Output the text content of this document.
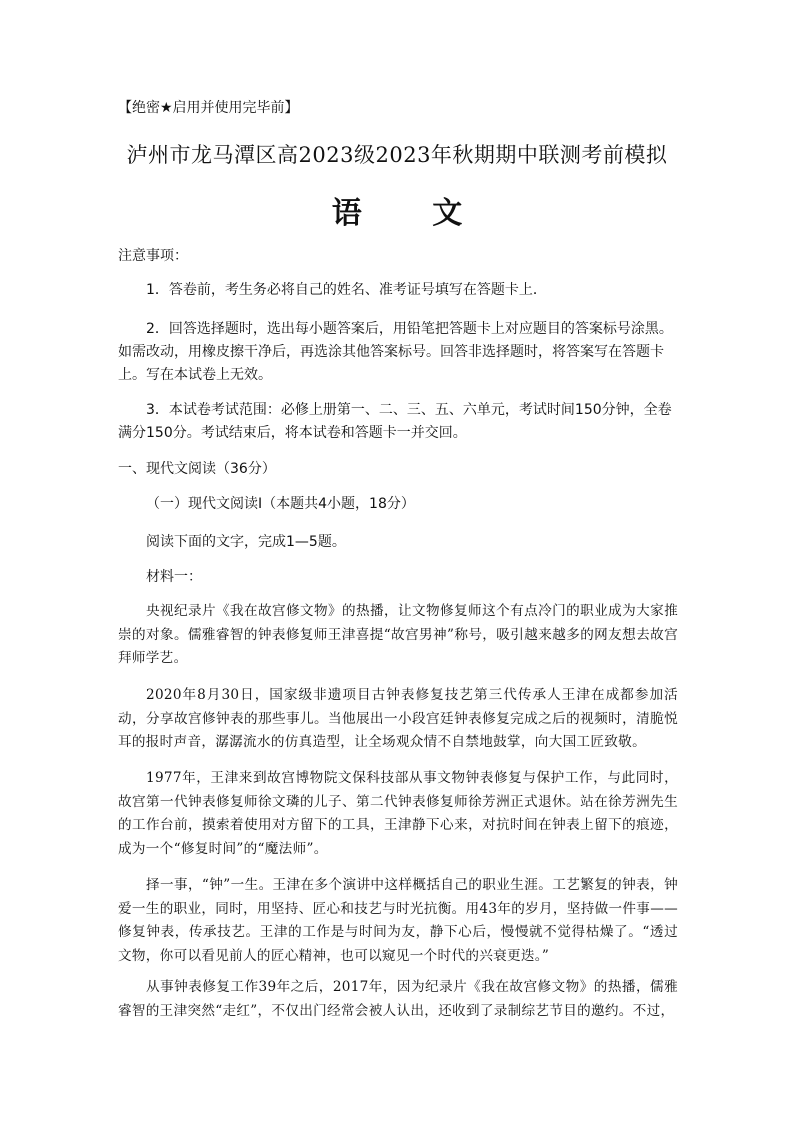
【绝密★启用并使用完毕前】
泸州市龙马潭区高2023级2023年秋期期中联测考前模拟
语 文
注意事项：
1．答卷前，考生务必将自己的姓名、准考证号填写在答题卡上．
2．回答选择题时，选出每小题答案后，用铅笔把答题卡上对应题目的答案标号涂黑。如需改动，用橡皮擦干净后，再选涂其他答案标号。回答非选择题时，将答案写在答题卡上。写在本试卷上无效。
3．本试卷考试范围：必修上册第一、二、三、五、六单元，考试时间150分钟，全卷满分150分。考试结束后，将本试卷和答题卡一并交回。
一、现代文阅读（36分）
（一）现代文阅读Ⅰ（本题共4小题，18分）
阅读下面的文字，完成1—5题。
材料一：

央视纪录片《我在故宫修文物》的热播，让文物修复师这个有点冷门的职业成为大家推崇的对象。儒雅睿智的钟表修复师王津喜提“故宫男神”称号，吸引越来越多的网友想去故宫拜师学艺。

2020年8月30日，国家级非遗项目古钟表修复技艺第三代传承人王津在成都参加活动，分享故宫修钟表的那些事儿。当他展出一小段宫廷钟表修复完成之后的视频时，清脆悦耳的报时声音，潺潺流水的仿真造型，让全场观众情不自禁地鼓掌，向大国工匠致敬。

1977年，王津来到故宫博物院文保科技部从事文物钟表修复与保护工作，与此同时，故宫第一代钟表修复师徐文璘的儿子、第二代钟表修复师徐芳洲正式退休。站在徐芳洲先生的工作台前，摸索着使用对方留下的工具，王津静下心来，对抗时间在钟表上留下的痕迹，成为一个“修复时间”的“魔法师”。

择一事，“钟”一生。王津在多个演讲中这样概括自己的职业生涯。工艺繁复的钟表，钟爱一生的职业，同时，用坚持、匠心和技艺与时光抗衡。用43年的岁月，坚持做一件事——修复钟表，传承技艺。王津的工作是与时间为友，静下心后，慢慢就不觉得枯燥了。“透过文物，你可以看见前人的匠心精神，也可以窥见一个时代的兴衰更迭。”

从事钟表修复工作39年之后，2017年，因为纪录片《我在故宫修文物》的热播，儒雅睿智的王津突然“走红”，不仅出门经常会被人认出，还收到了录制综艺节目的邀约。不过，
